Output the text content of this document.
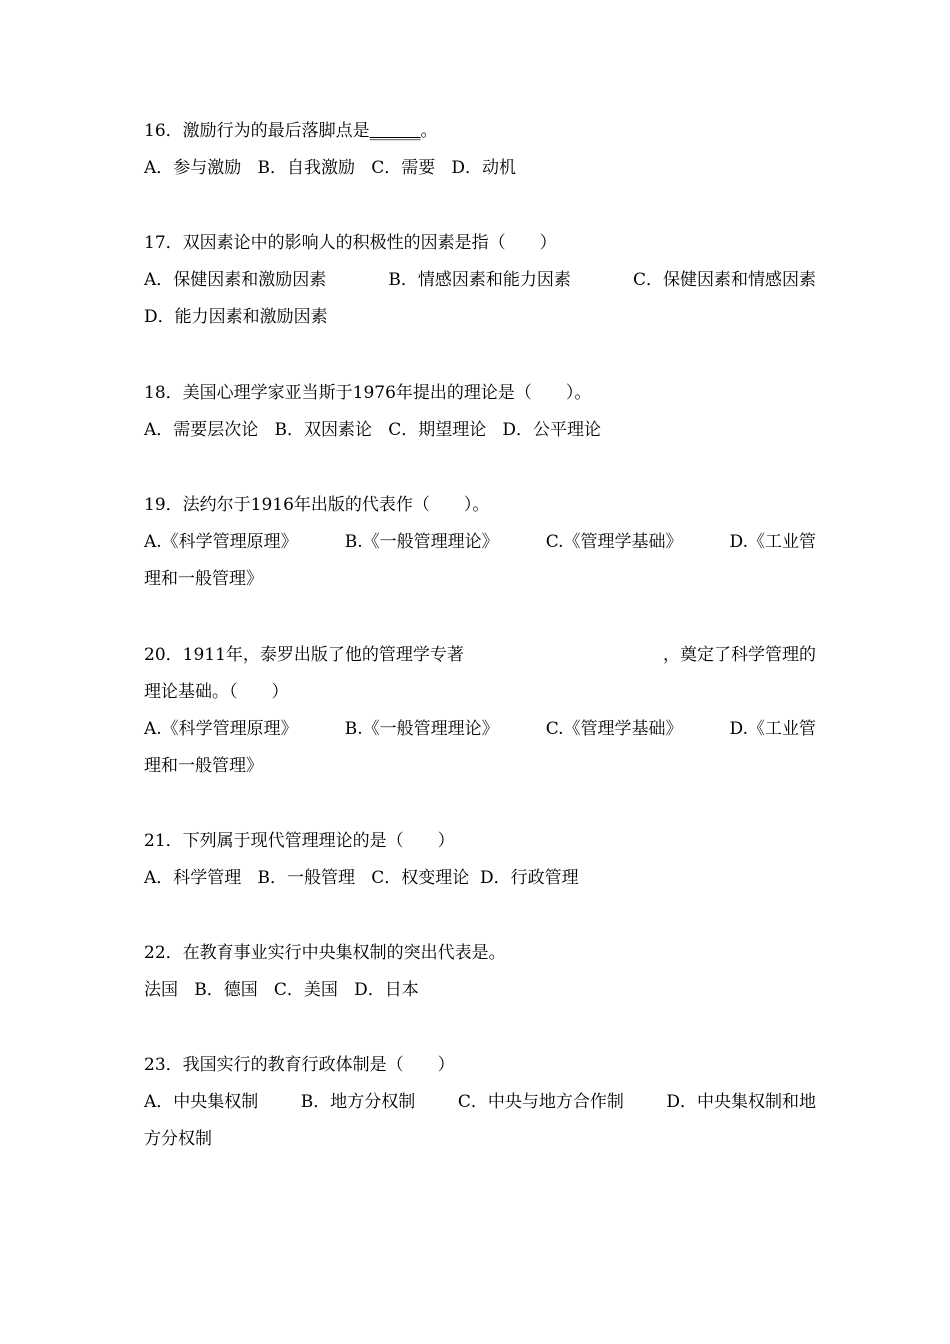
16．激励行为的最后落脚点是______。
A．参与激励   B．自我激励   C．需要   D．动机
17．双因素论中的影响人的积极性的因素是指（　　）
A．保健因素和激励因素	B．情感因素和能力因素	C．保健因素和情感因素
D．能力因素和激励因素
18．美国心理学家亚当斯于1976年提出的理论是（　　）。
A．需要层次论   B．双因素论   C．期望理论   D．公平理论
19．法约尔于1916年出版的代表作（　　）。
A.《科学管理原理》	B.《一般管理理论》	C.《管理学基础》	D.《工业管
理和一般管理》
20．1911年，泰罗出版了他的管理学专著	，奠定了科学管理的
理论基础。（　　）
A.《科学管理原理》	B.《一般管理理论》	C.《管理学基础》	D.《工业管
理和一般管理》
21．下列属于现代管理理论的是（　　）
A．科学管理   B．一般管理   C．权变理论  D．行政管理
22．在教育事业实行中央集权制的突出代表是。
法国   B．德国   C．美国   D．日本
23．我国实行的教育行政体制是（　　）
A．中央集权制	B．地方分权制	C．中央与地方合作制	D．中央集权制和地
方分权制
